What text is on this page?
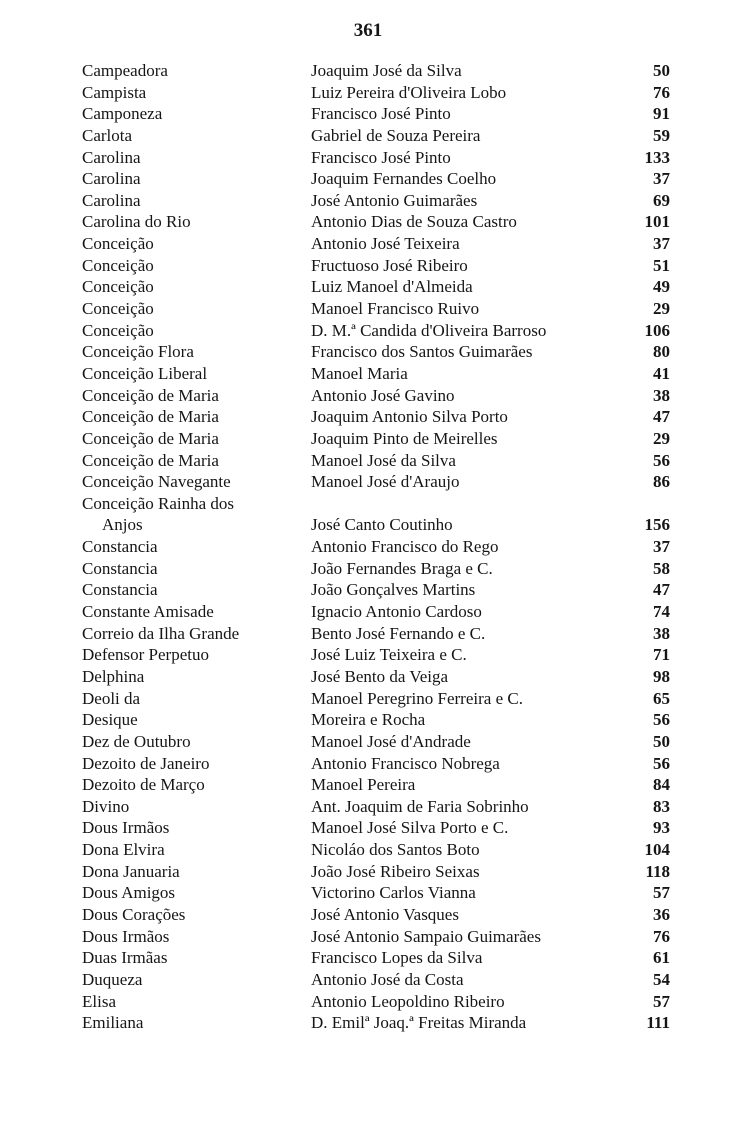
361
Campeadora	Joaquim José da Silva	50
Campista	Luiz Pereira d'Oliveira Lobo	76
Camponeza	Francisco José Pinto	91
Carlota	Gabriel de Souza Pereira	59
Carolina	Francisco José Pinto	133
Carolina	Joaquim Fernandes Coelho	37
Carolina	José Antonio Guimarães	69
Carolina do Rio	Antonio Dias de Souza Castro	101
Conceição	Antonio José Teixeira	37
Conceição	Fructuoso José Ribeiro	51
Conceição	Luiz Manoel d'Almeida	49
Conceição	Manoel Francisco Ruivo	29
Conceição	D. M.ª Candida d'Oliveira Barroso	106
Conceição Flora	Francisco dos Santos Guimarães	80
Conceição Liberal	Manoel Maria	41
Conceição de Maria	Antonio José Gavino	38
Conceição de Maria	Joaquim Antonio Silva Porto	47
Conceição de Maria	Joaquim Pinto de Meirelles	29
Conceição de Maria	Manoel José da Silva	56
Conceição Navegante	Manoel José d'Araujo	86
Conceição Rainha dos
Anjos	José Canto Coutinho	156
Constancia	Antonio Francisco do Rego	37
Constancia	João Fernandes Braga e C.	58
Constancia	João Gonçalves Martins	47
Constante Amisade	Ignacio Antonio Cardoso	74
Correio da Ilha Grande	Bento José Fernando e C.	38
Defensor Perpetuo	José Luiz Teixeira e C.	71
Delphina	José Bento da Veiga	98
Deoli da	Manoel Peregrino Ferreira e C.	65
Desique	Moreira e Rocha	56
Dez de Outubro	Manoel José d'Andrade	50
Dezoito de Janeiro	Antonio Francisco Nobrega	56
Dezoito de Março	Manoel Pereira	84
Divino	Ant. Joaquim de Faria Sobrinho	83
Dous Irmãos	Manoel José Silva Porto e C.	93
Dona Elvira	Nicoláo dos Santos Boto	104
Dona Januaria	João José Ribeiro Seixas	118
Dous Amigos	Victorino Carlos Vianna	57
Dous Corações	José Antonio Vasques	36
Dous Irmãos	José Antonio Sampaio Guimarães	76
Duas Irmãas	Francisco Lopes da Silva	61
Duqueza	Antonio José da Costa	54
Elisa	Antonio Leopoldino Ribeiro	57
Emiliana	D. Emilª Joaq.ª Freitas Miranda	111
